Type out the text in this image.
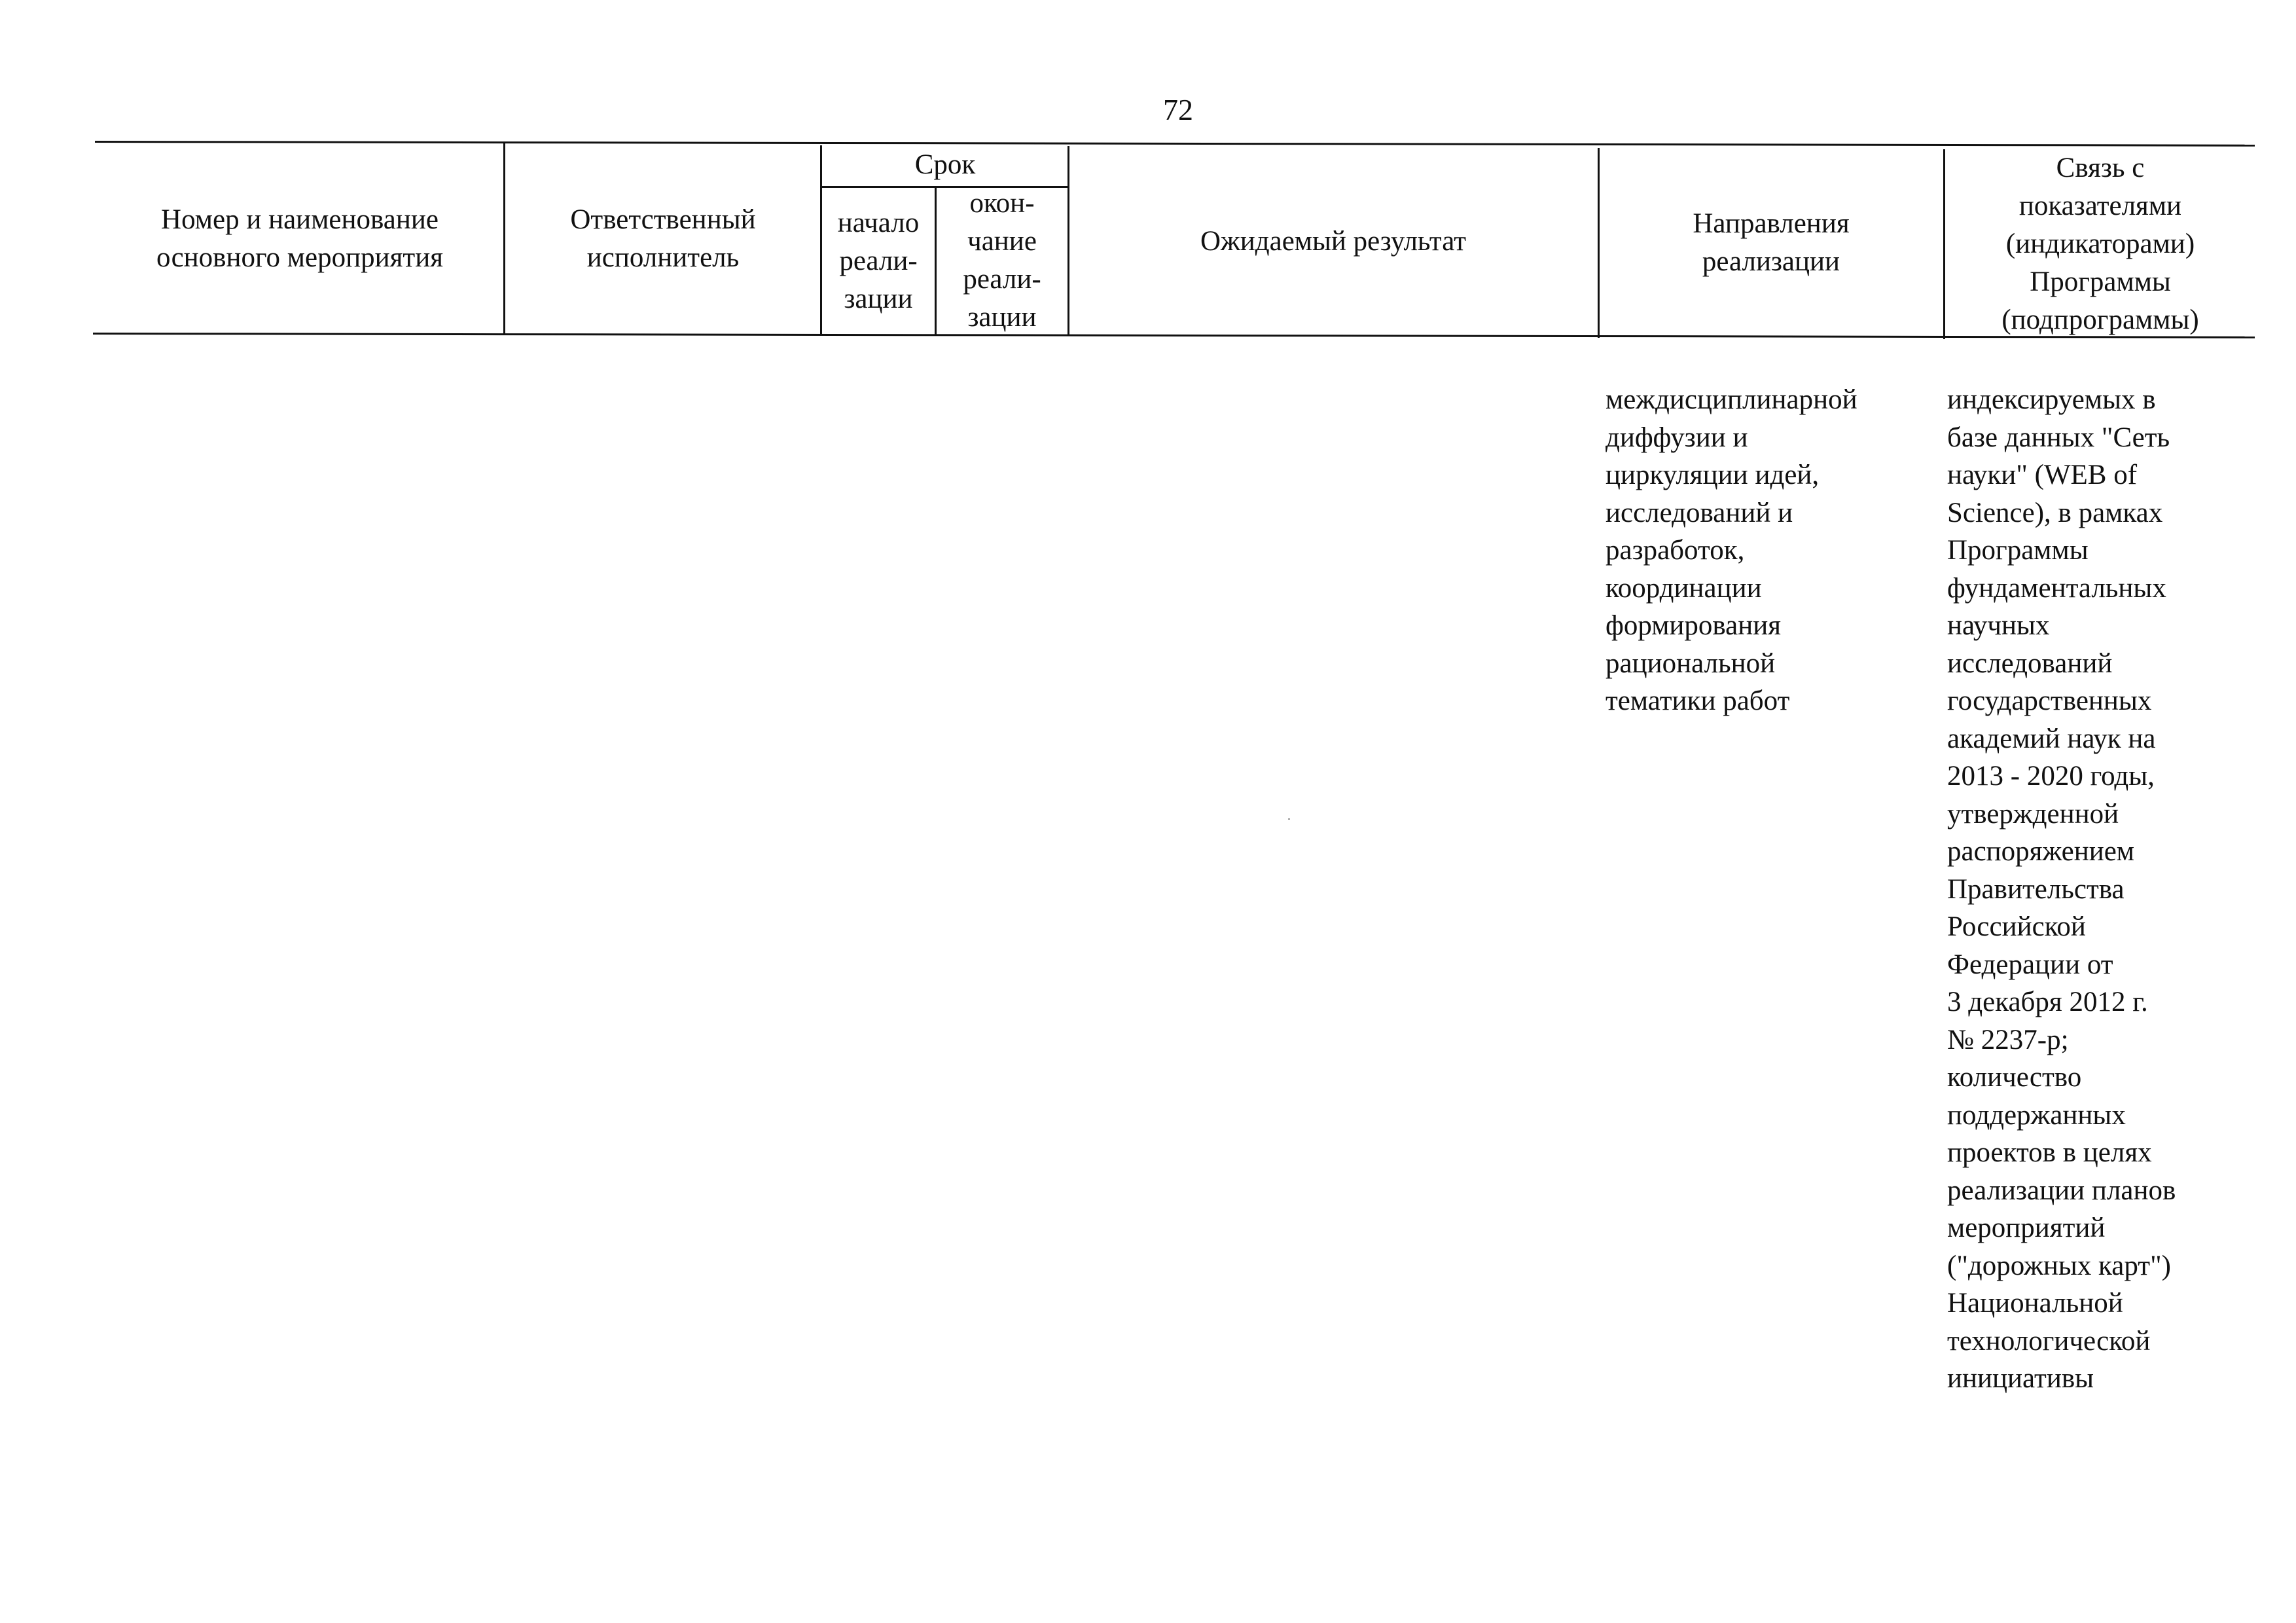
72
Номер и наименование
основного мероприятия
Ответственный
исполнитель
Срок
начало
реали-
зации
окон-
чание
реали-
зации
Ожидаемый результат
Направления
реализации
Связь с
показателями
(индикаторами)
Программы
(подпрограммы)
междисциплинарной
диффузии и
циркуляции идей,
исследований и
разработок,
координации
формирования
рациональной
тематики работ
индексируемых в
базе данных "Сеть
науки" (WEB of
Science), в рамках
Программы
фундаментальных
научных
исследований
государственных
академий наук на
2013 - 2020 годы,
утвержденной
распоряжением
Правительства
Российской
Федерации от
3 декабря 2012 г.
№ 2237-р;
количество
поддержанных
проектов в целях
реализации планов
мероприятий
("дорожных карт")
Национальной
технологической
инициативы
